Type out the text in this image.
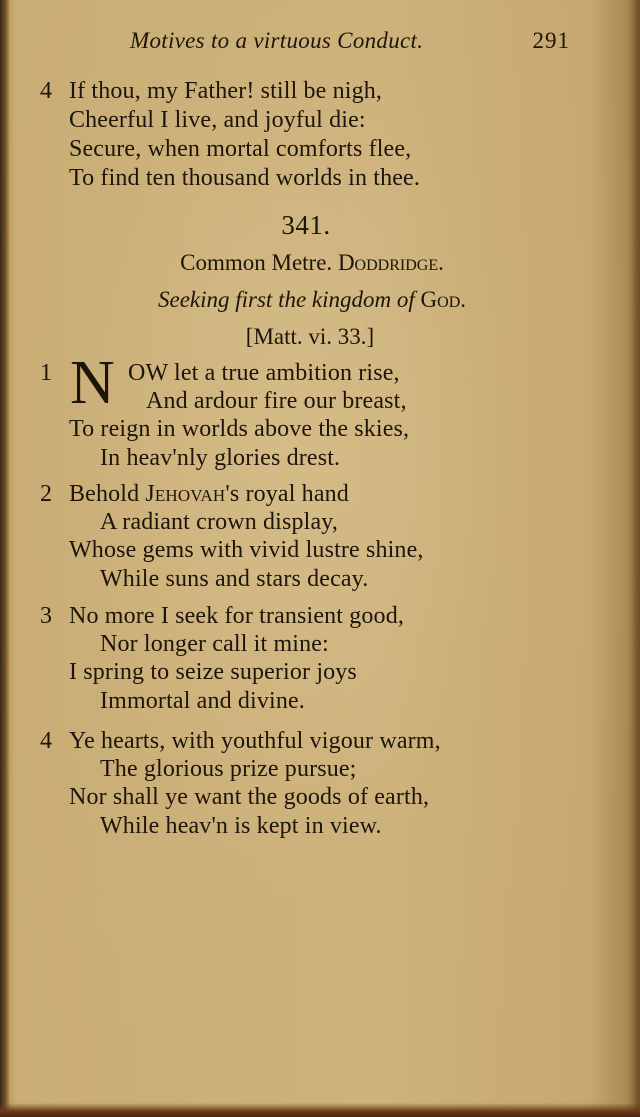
Motives to a virtuous Conduct.	291
4 If thou, my Father! still be nigh,
Cheerful I live, and joyful die:
Secure, when mortal comforts flee,
To find ten thousand worlds in thee.
341.
Common Metre. Doddridge.
Seeking first the kingdom of God.
[Matt. vi. 33.]
1 N OW let a true ambition rise,
And ardour fire our breast,
To reign in worlds above the skies,
In heav'nly glories drest.
2 Behold Jehovah's royal hand
A radiant crown display,
Whose gems with vivid lustre shine,
While suns and stars decay.
3 No more I seek for transient good,
Nor longer call it mine:
I spring to seize superior joys
Immortal and divine.
4 Ye hearts, with youthful vigour warm,
The glorious prize pursue;
Nor shall ye want the goods of earth,
While heav'n is kept in view.
